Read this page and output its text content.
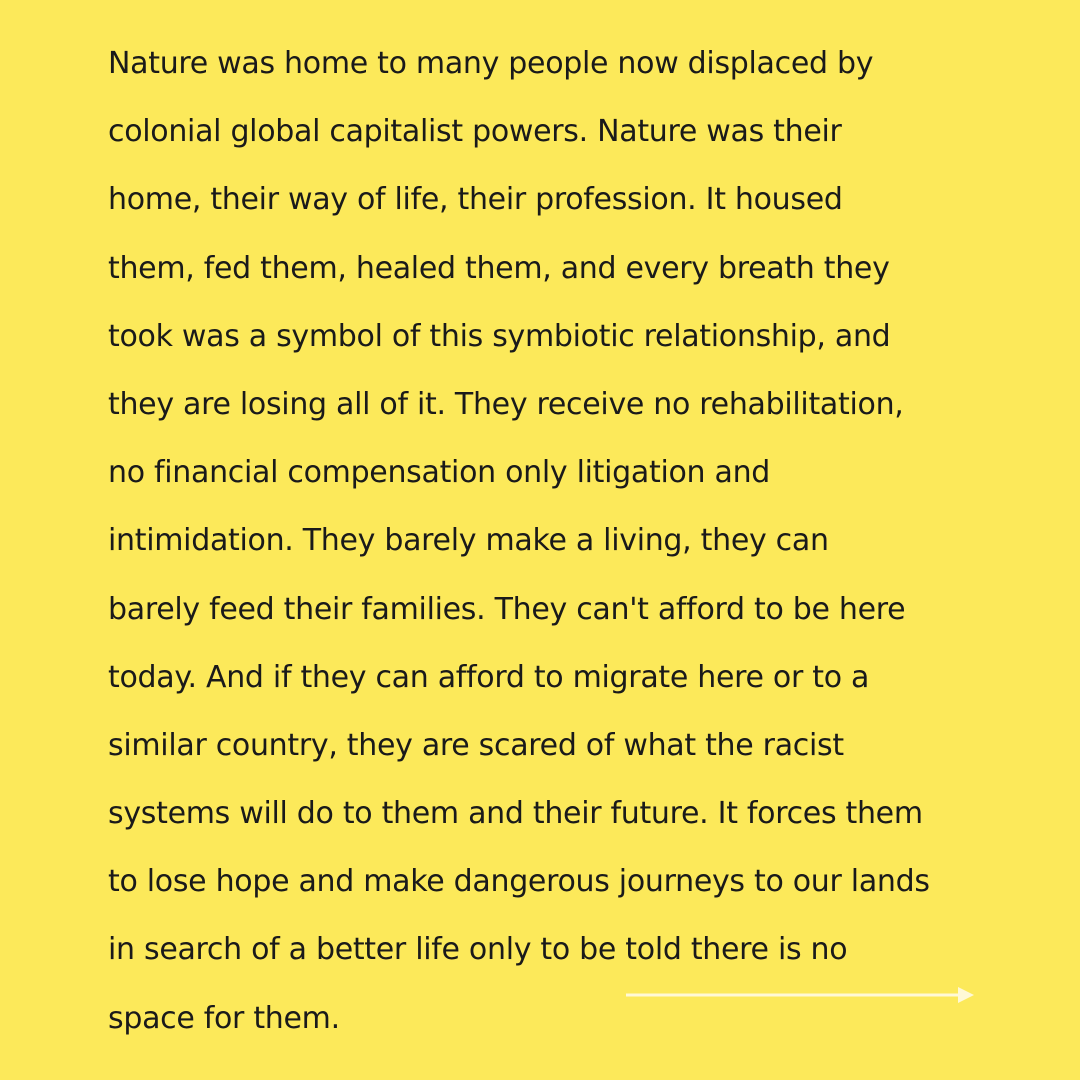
Nature was home to many people now displaced by
colonial global capitalist powers. Nature was their
home, their way of life, their profession. It housed
them, fed them, healed them, and every breath they
took was a symbol of this symbiotic relationship, and
they are losing all of it. They receive no rehabilitation,
no financial compensation only litigation and
intimidation. They barely make a living, they can
barely feed their families. They can't afford to be here
today. And if they can afford to migrate here or to a
similar country, they are scared of what the racist
systems will do to them and their future. It forces them
to lose hope and make dangerous journeys to our lands
in search of a better life only to be told there is no
space for them.
